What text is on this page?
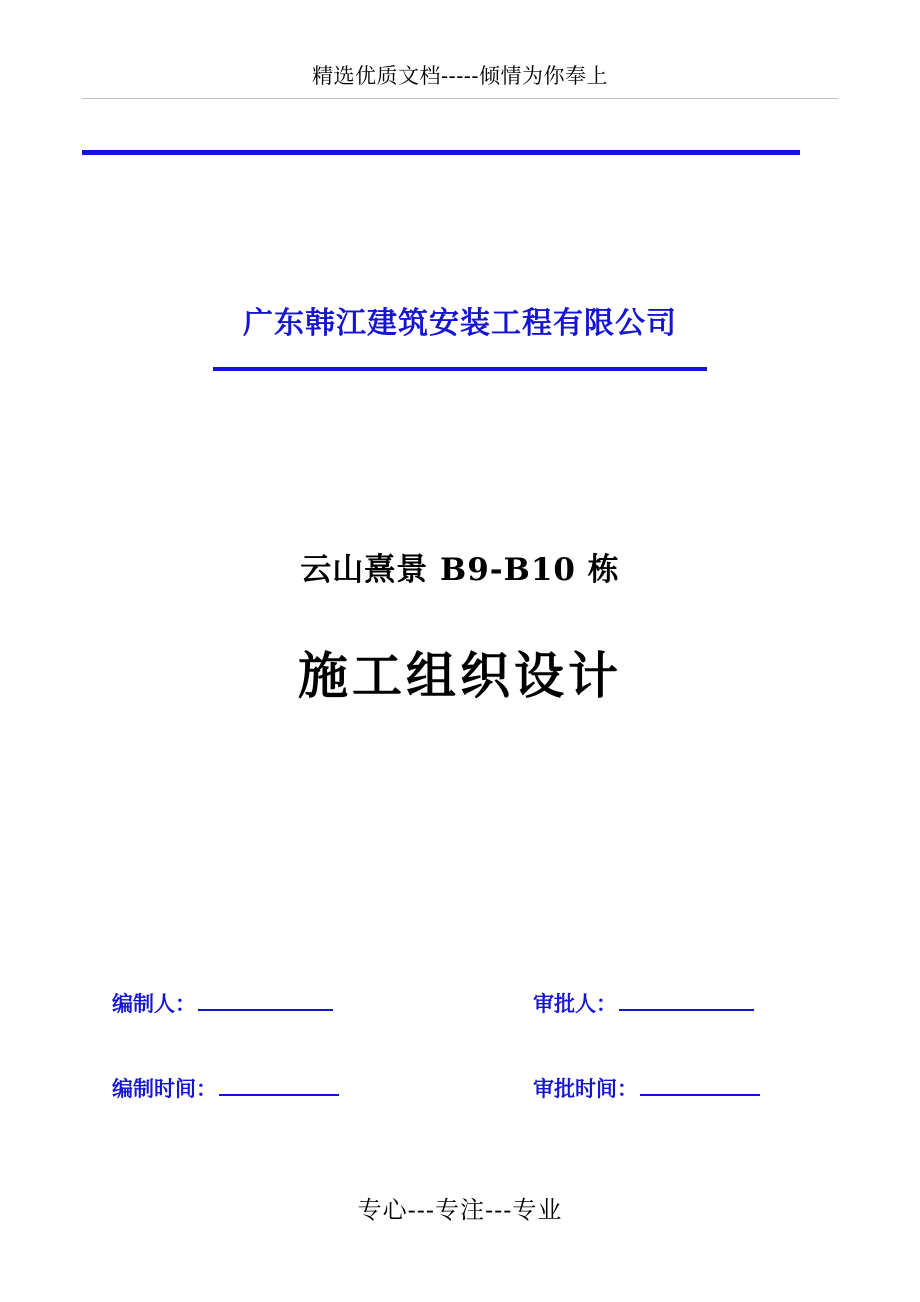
精选优质文档-----倾情为你奉上
广东韩江建筑安装工程有限公司
云山熹景 B9-B10 栋
施工组织设计
编制人：	审批人：
编制时间：	审批时间：
专心---专注---专业
